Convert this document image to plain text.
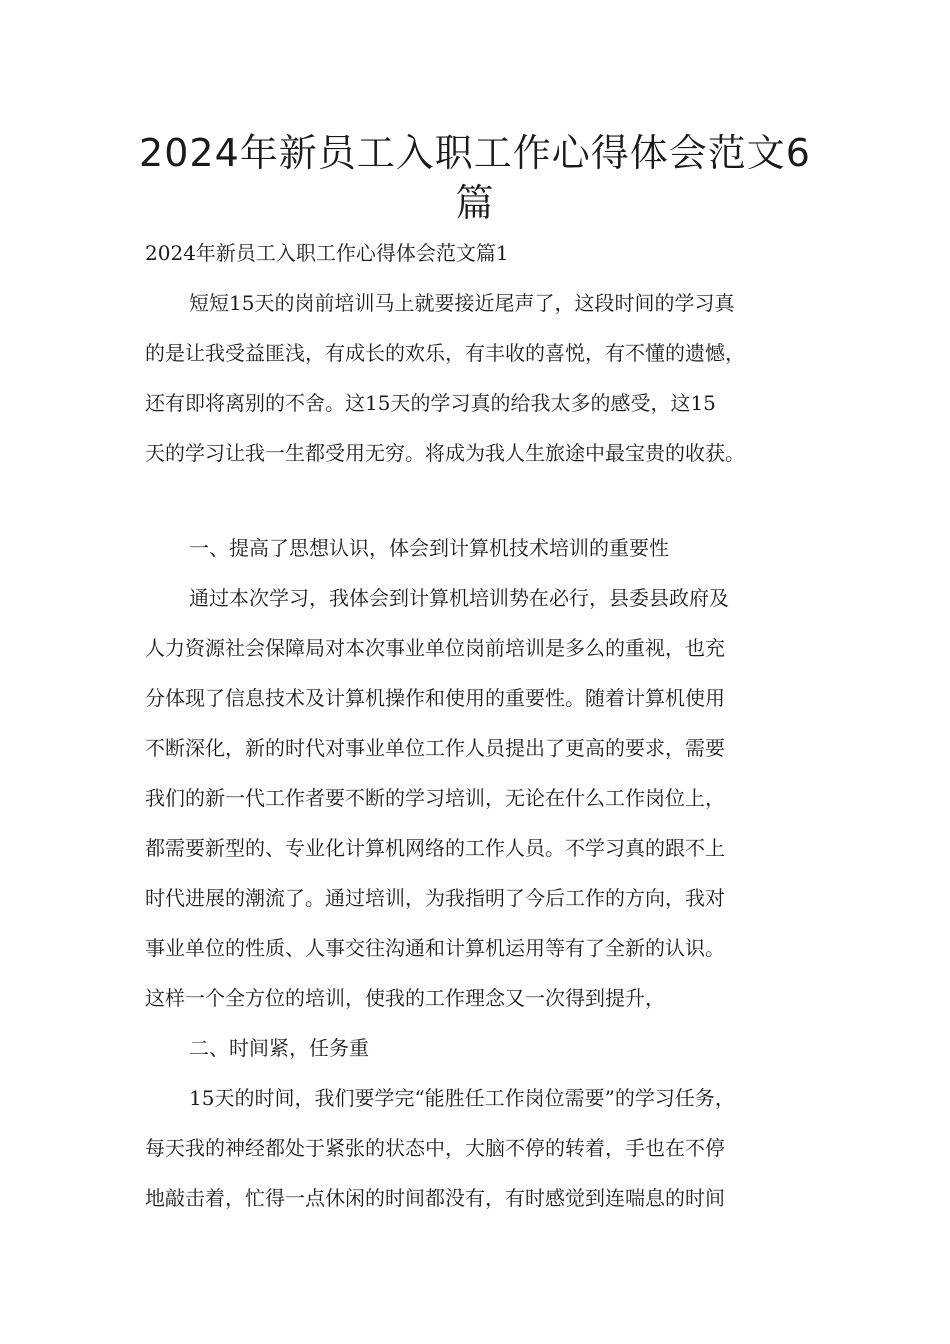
2024年新员工入职工作心得体会范文6
篇
2024年新员工入职工作心得体会范文篇1
短短15天的岗前培训马上就要接近尾声了，这段时间的学习真
的是让我受益匪浅，有成长的欢乐，有丰收的喜悦，有不懂的遗憾，
还有即将离别的不舍。这15天的学习真的给我太多的感受，这15
天的学习让我一生都受用无穷。将成为我人生旅途中最宝贵的收获。
一、提高了思想认识，体会到计算机技术培训的重要性
通过本次学习，我体会到计算机培训势在必行，县委县政府及
人力资源社会保障局对本次事业单位岗前培训是多么的重视，也充
分体现了信息技术及计算机操作和使用的重要性。随着计算机使用
不断深化，新的时代对事业单位工作人员提出了更高的要求，需要
我们的新一代工作者要不断的学习培训，无论在什么工作岗位上，
都需要新型的、专业化计算机网络的工作人员。不学习真的跟不上
时代进展的潮流了。通过培训，为我指明了今后工作的方向，我对
事业单位的性质、人事交往沟通和计算机运用等有了全新的认识。
这样一个全方位的培训，使我的工作理念又一次得到提升，
二、时间紧，任务重
15天的时间，我们要学完“能胜任工作岗位需要”的学习任务，
每天我的神经都处于紧张的状态中，大脑不停的转着，手也在不停
地敲击着，忙得一点休闲的时间都没有，有时感觉到连喘息的时间
